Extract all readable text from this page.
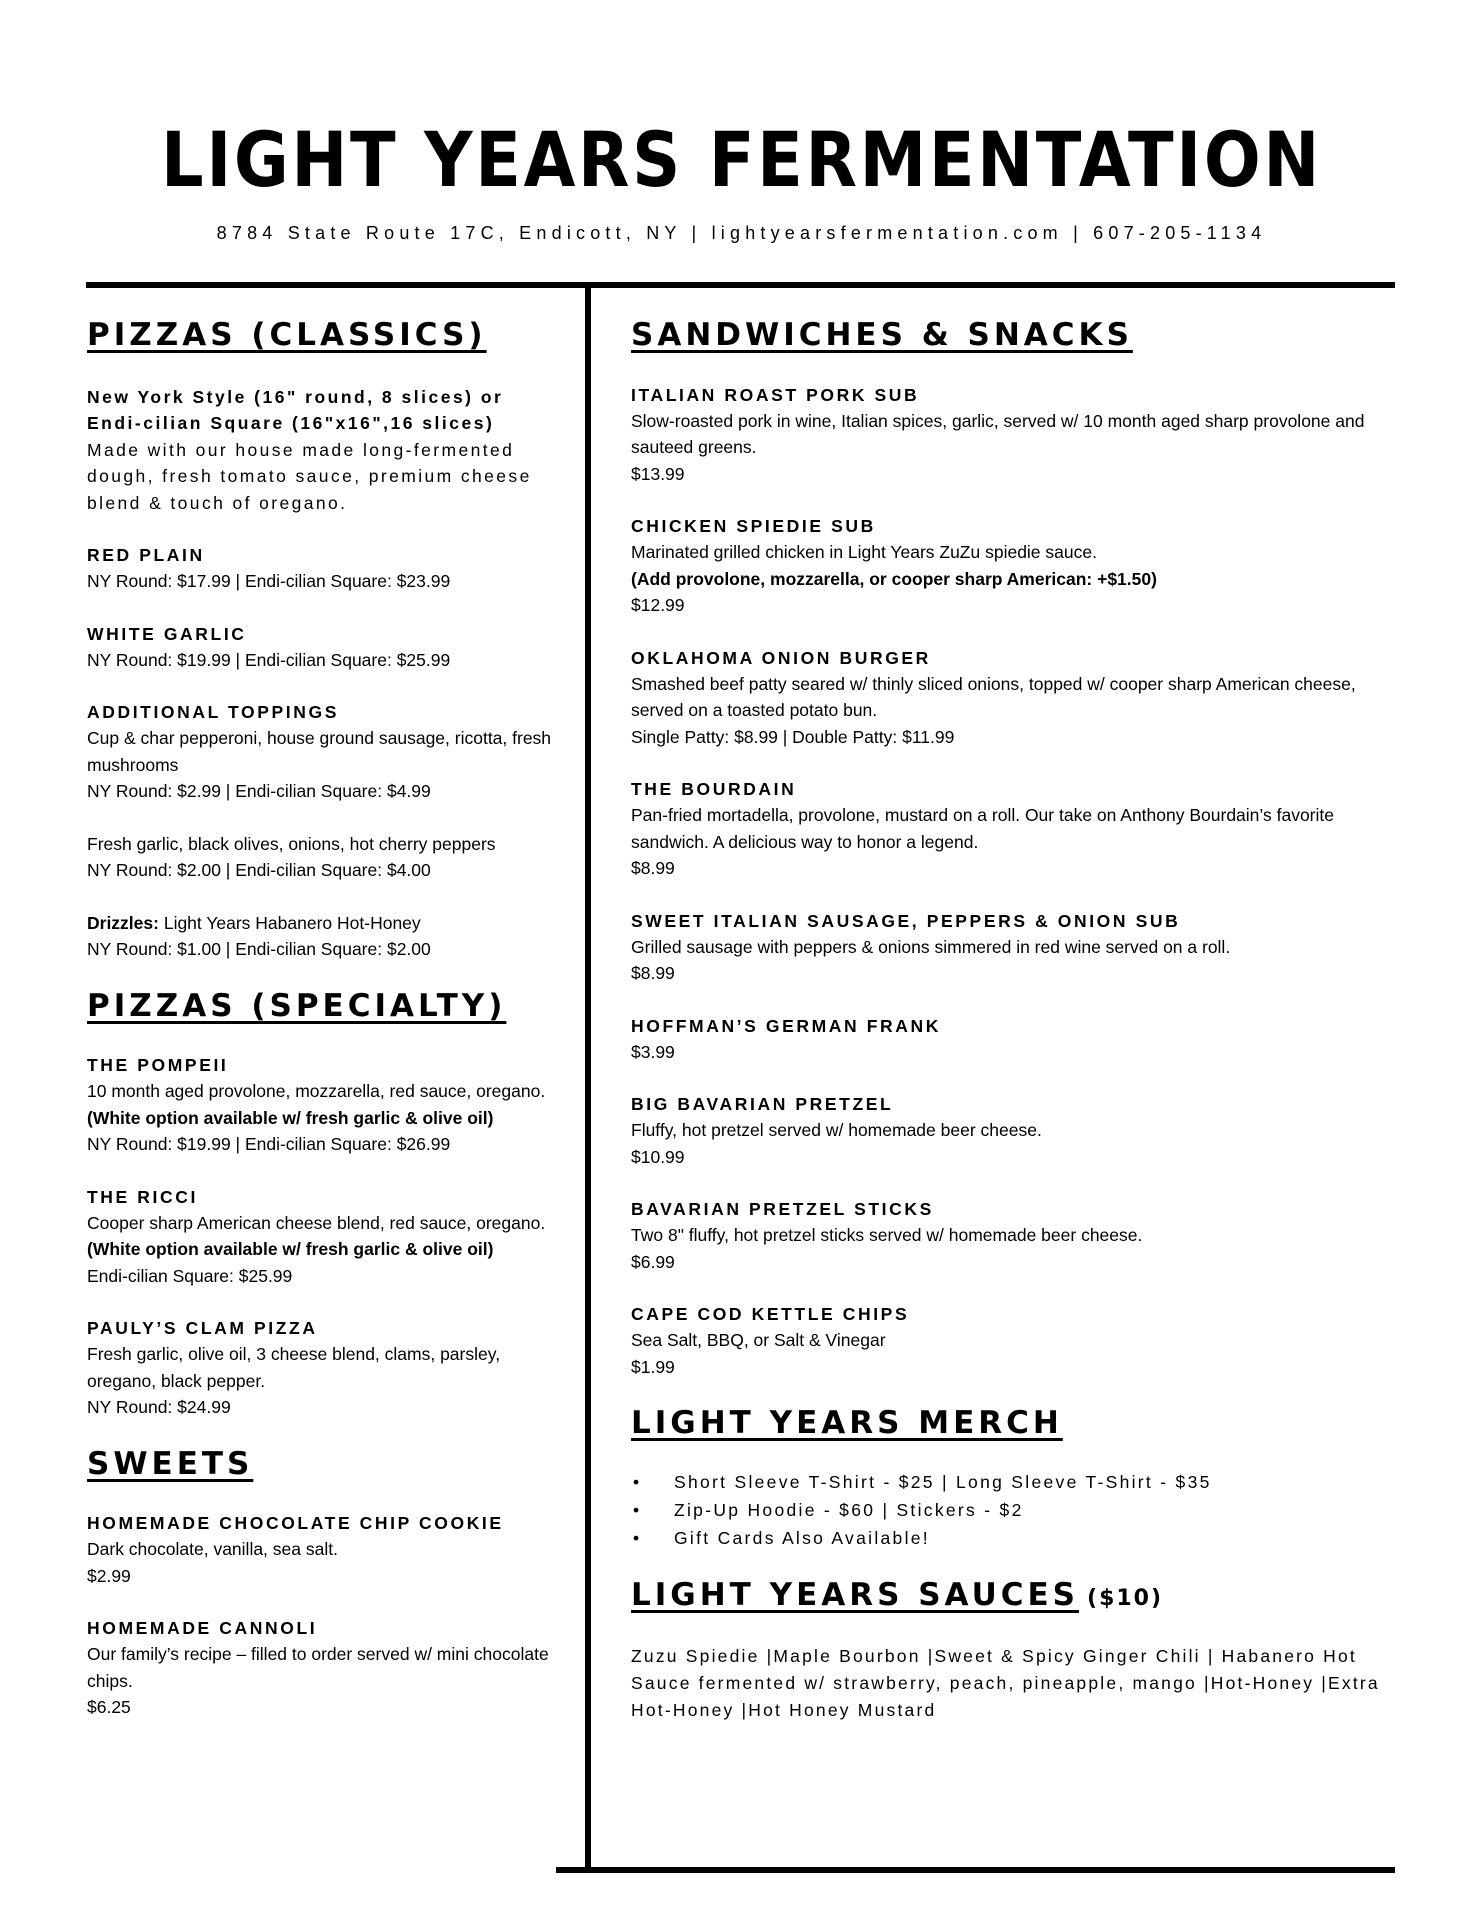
LIGHT YEARS FERMENTATION
8784 State Route 17C, Endicott, NY | lightyearsfermentation.com | 607-205-1134
PIZZAS (CLASSICS)
New York Style (16" round, 8 slices) or
Endi-cilian Square (16"x16",16 slices)
Made with our house made long-fermented dough, fresh tomato sauce, premium cheese blend & touch of oregano.
RED PLAIN
NY Round: $17.99 | Endi-cilian Square: $23.99
WHITE GARLIC
NY Round: $19.99 | Endi-cilian Square: $25.99
ADDITIONAL TOPPINGS
Cup & char pepperoni, house ground sausage, ricotta, fresh mushrooms
NY Round: $2.99 | Endi-cilian Square: $4.99
Fresh garlic, black olives, onions, hot cherry peppers
NY Round: $2.00 | Endi-cilian Square: $4.00
Drizzles: Light Years Habanero Hot-Honey
NY Round: $1.00 | Endi-cilian Square: $2.00
PIZZAS (SPECIALTY)
THE POMPEII
10 month aged provolone, mozzarella, red sauce, oregano.
(White option available w/ fresh garlic & olive oil)
NY Round: $19.99 | Endi-cilian Square: $26.99
THE RICCI
Cooper sharp American cheese blend, red sauce, oregano.
(White option available w/ fresh garlic & olive oil)
Endi-cilian Square: $25.99
PAULY’S CLAM PIZZA
Fresh garlic, olive oil, 3 cheese blend, clams, parsley, oregano, black pepper.
NY Round: $24.99
SWEETS
HOMEMADE CHOCOLATE CHIP COOKIE
Dark chocolate, vanilla, sea salt.
$2.99
HOMEMADE CANNOLI
Our family’s recipe – filled to order served w/ mini chocolate chips.
$6.25
SANDWICHES & SNACKS
ITALIAN ROAST PORK SUB
Slow-roasted pork in wine, Italian spices, garlic, served w/ 10 month aged sharp provolone and sauteed greens.
$13.99
CHICKEN SPIEDIE SUB
Marinated grilled chicken in Light Years ZuZu spiedie sauce.
(Add provolone, mozzarella, or cooper sharp American: +$1.50)
$12.99
OKLAHOMA ONION BURGER
Smashed beef patty seared w/ thinly sliced onions, topped w/ cooper sharp American cheese, served on a toasted potato bun.
Single Patty: $8.99 | Double Patty: $11.99
THE BOURDAIN
Pan-fried mortadella, provolone, mustard on a roll. Our take on Anthony Bourdain’s favorite sandwich. A delicious way to honor a legend.
$8.99
SWEET ITALIAN SAUSAGE, PEPPERS & ONION SUB
Grilled sausage with peppers & onions simmered in red wine served on a roll.
$8.99
HOFFMAN’S GERMAN FRANK
$3.99
BIG BAVARIAN PRETZEL
Fluffy, hot pretzel served w/ homemade beer cheese.
$10.99
BAVARIAN PRETZEL STICKS
Two 8" fluffy, hot pretzel sticks served w/ homemade beer cheese.
$6.99
CAPE COD KETTLE CHIPS
Sea Salt, BBQ, or Salt & Vinegar
$1.99
LIGHT YEARS MERCH
• Short Sleeve T-Shirt - $25 | Long Sleeve T-Shirt - $35
• Zip-Up Hoodie - $60 | Stickers - $2
• Gift Cards Also Available!
LIGHT YEARS SAUCES ($10)
Zuzu Spiedie |Maple Bourbon |Sweet & Spicy Ginger Chili | Habanero Hot Sauce fermented w/ strawberry, peach, pineapple, mango |Hot-Honey |Extra Hot-Honey |Hot Honey Mustard
